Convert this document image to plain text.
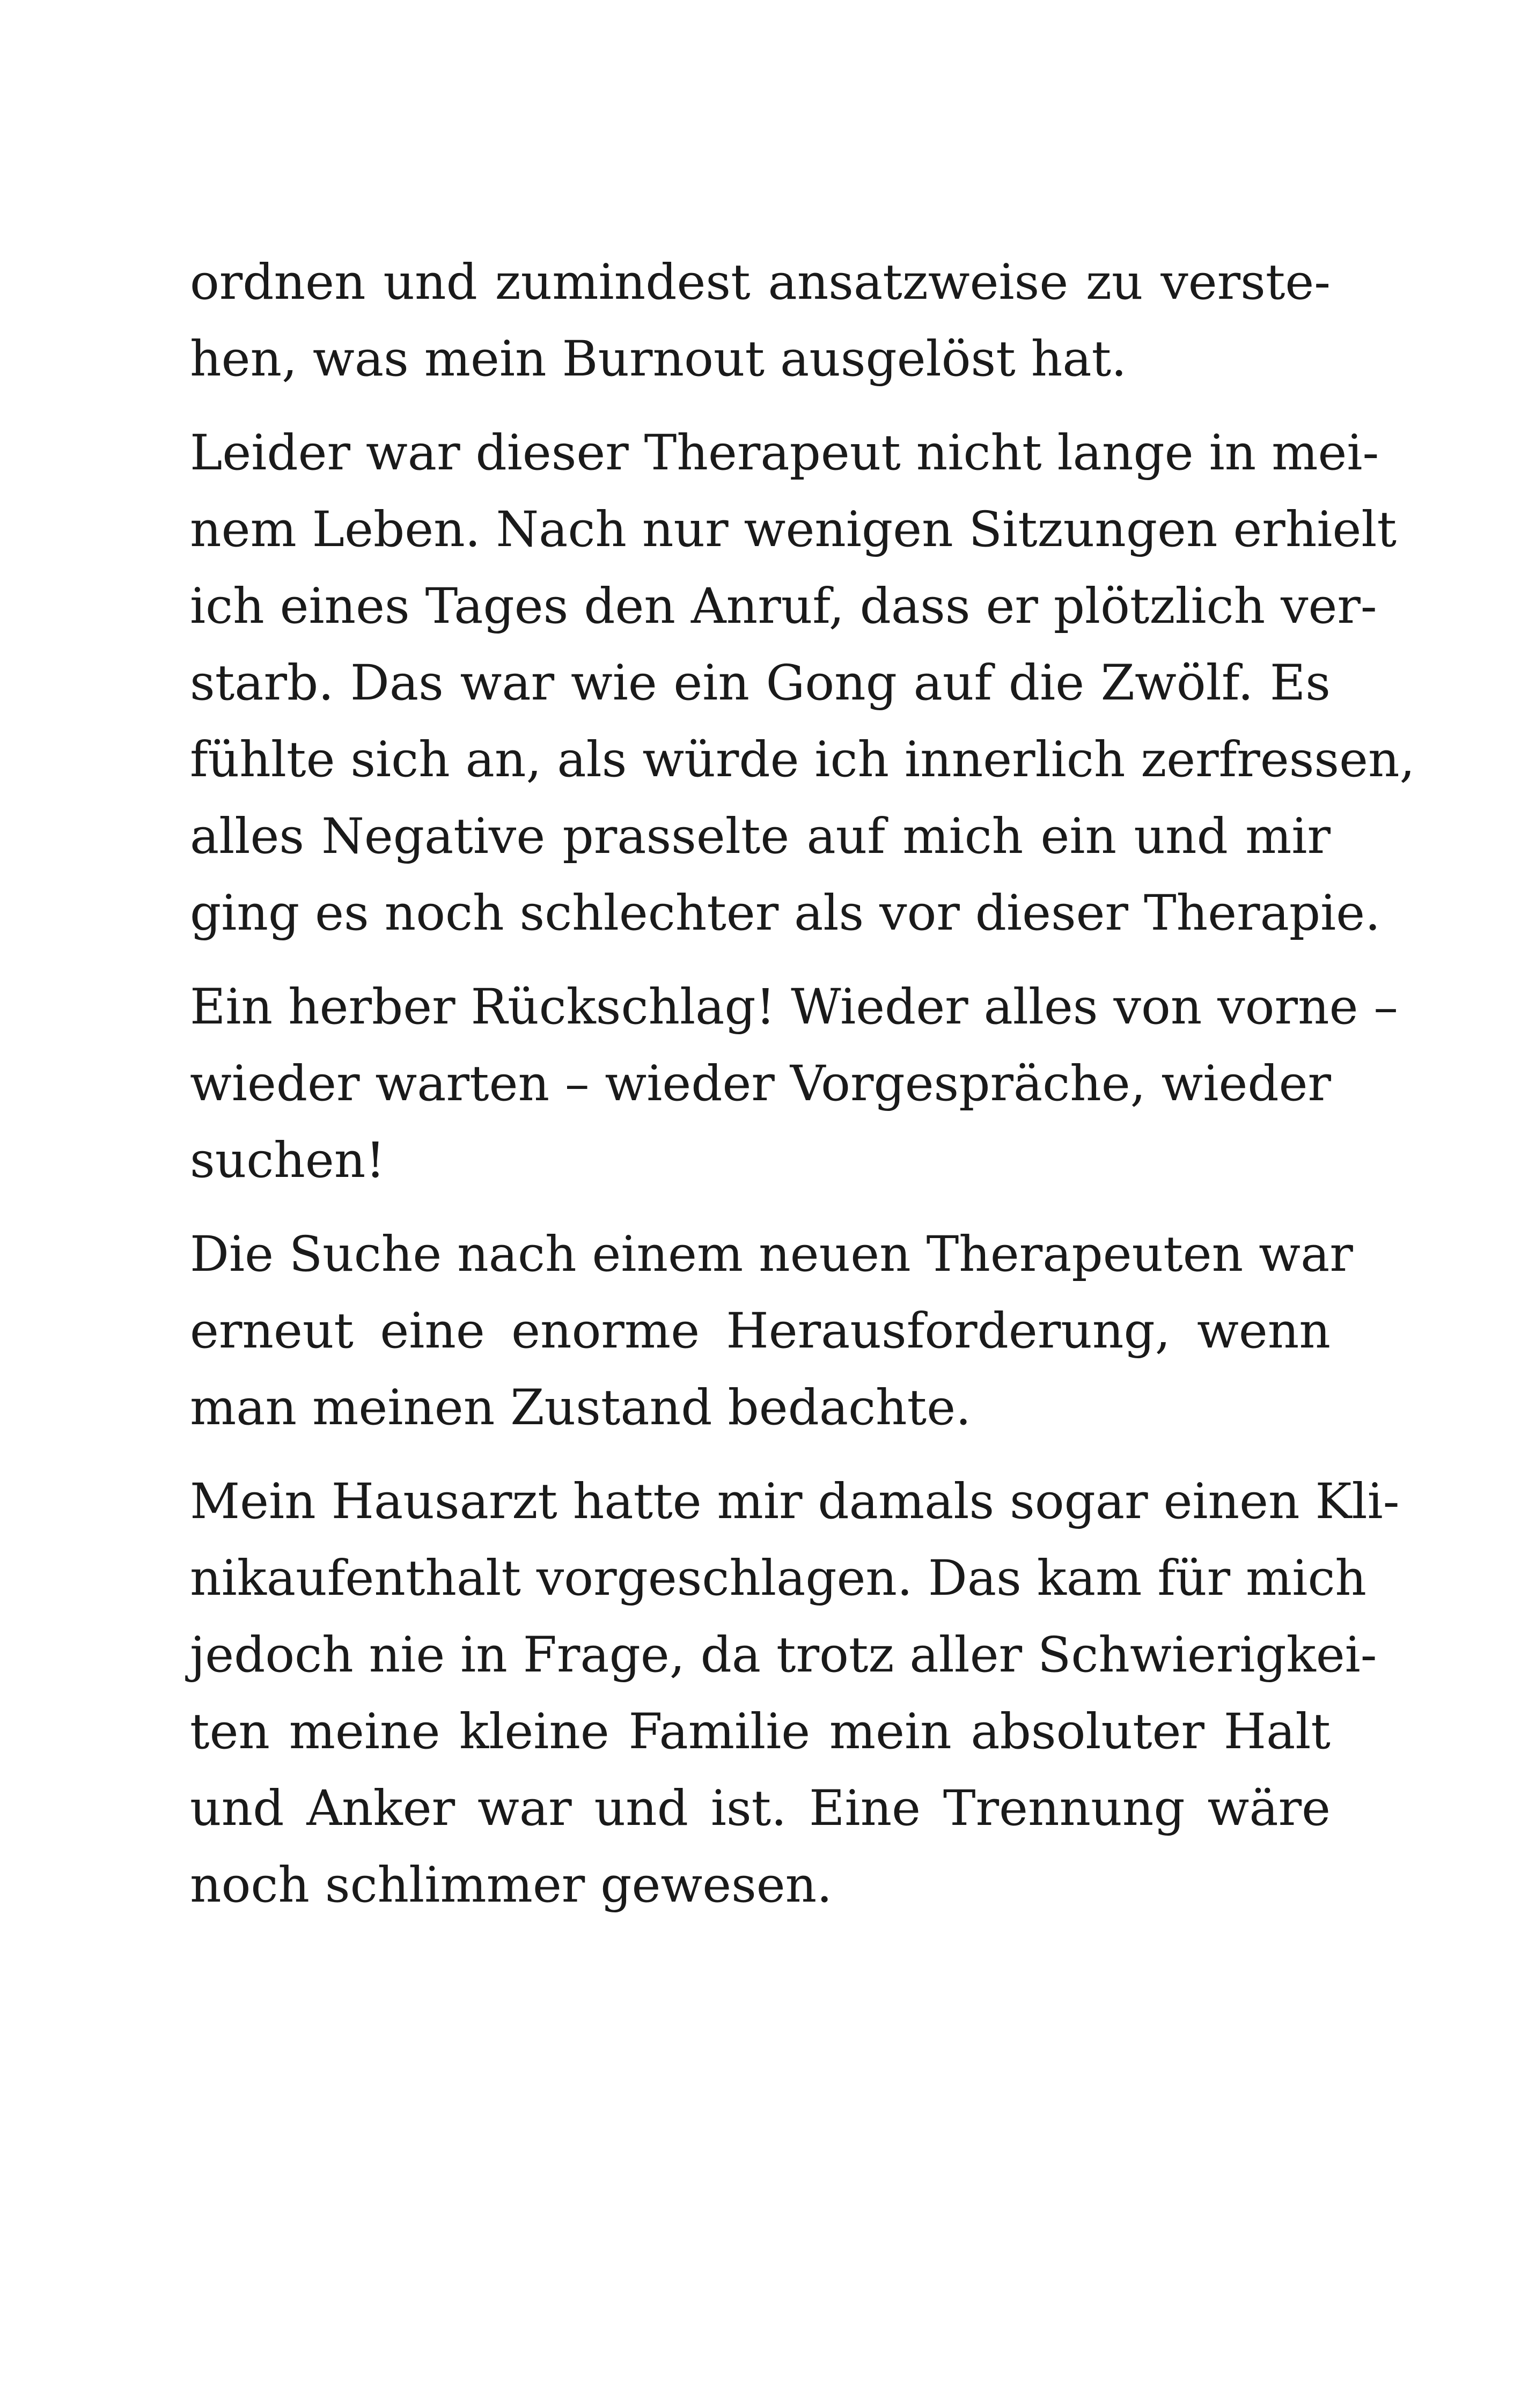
ordnen und zumindest ansatzweise zu verste-
hen, was mein Burnout ausgelöst hat.

Leider war dieser Therapeut nicht lange in mei-
nem Leben. Nach nur wenigen Sitzungen erhielt
ich eines Tages den Anruf, dass er plötzlich ver-
starb. Das war wie ein Gong auf die Zwölf. Es
fühlte sich an, als würde ich innerlich zerfressen,
alles Negative prasselte auf mich ein und mir
ging es noch schlechter als vor dieser Therapie.

Ein herber Rückschlag! Wieder alles von vorne –
wieder warten – wieder Vorgespräche, wieder
suchen!

Die Suche nach einem neuen Therapeuten war
erneut eine enorme Herausforderung, wenn
man meinen Zustand bedachte.

Mein Hausarzt hatte mir damals sogar einen Kli-
nikaufenthalt vorgeschlagen. Das kam für mich
jedoch nie in Frage, da trotz aller Schwierigkei-
ten meine kleine Familie mein absoluter Halt
und Anker war und ist. Eine Trennung wäre
noch schlimmer gewesen.
